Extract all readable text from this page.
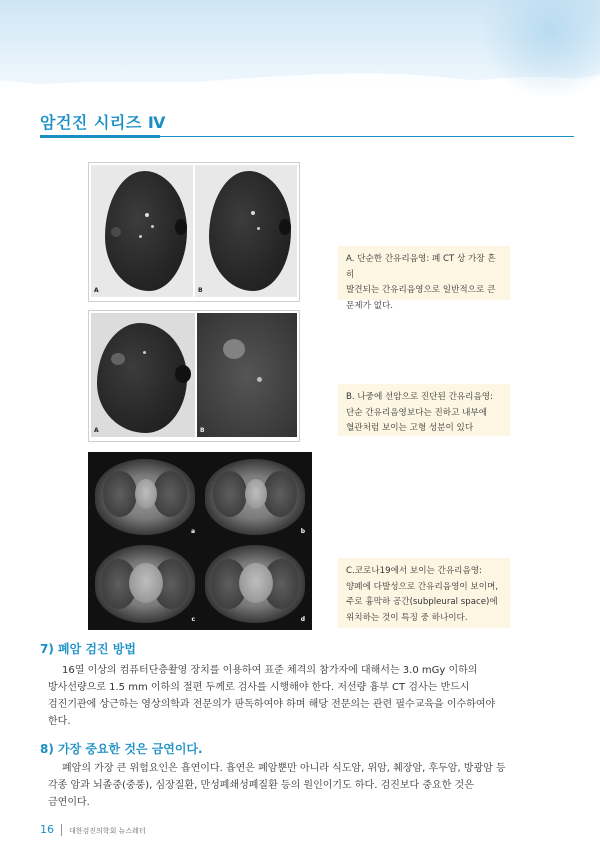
암건진 시리즈 Ⅳ
A	B
A. 단순한 간유리음영: 폐 CT 상 가장 흔히
발견되는 간유리음영으로 일반적으로 큰
문제가 없다.
A	B
B. 나중에 선암으로 진단된 간유리음영:
단순 간유리음영보다는 진하고 내부에
혈관처럼 보이는 고형 성분이 있다
a	b
c	d
C.코로나19에서 보이는 간유리음영:
양폐에 다발성으로 간유리음영이 보이며,
주로 흉막하 공간(subpleural space)에
위치하는 것이 특징 중 하나이다.
7) 폐암 검진 방법
16열 이상의 컴퓨터단층촬영 장치를 이용하여 표준 체격의 참가자에 대해서는 3.0 mGy 이하의
방사선량으로 1.5 mm 이하의 절편 두께로 검사를 시행해야 한다. 저선량 흉부 CT 검사는 반드시
검진기관에 상근하는 영상의학과 전문의가 판독하여야 하며 해당 전문의는 관련 필수교육을 이수하여야
한다.
8) 가장 중요한 것은 금연이다.
폐암의 가장 큰 위험요인은 흡연이다. 흡연은 폐암뿐만 아니라 식도암, 위암, 췌장암, 후두암, 방광암 등
각종 암과 뇌졸중(중풍), 심장질환, 만성폐쇄성폐질환 등의 원인이기도 하다. 검진보다 중요한 것은
금연이다.
16 대한검진의학회 뉴스레터
